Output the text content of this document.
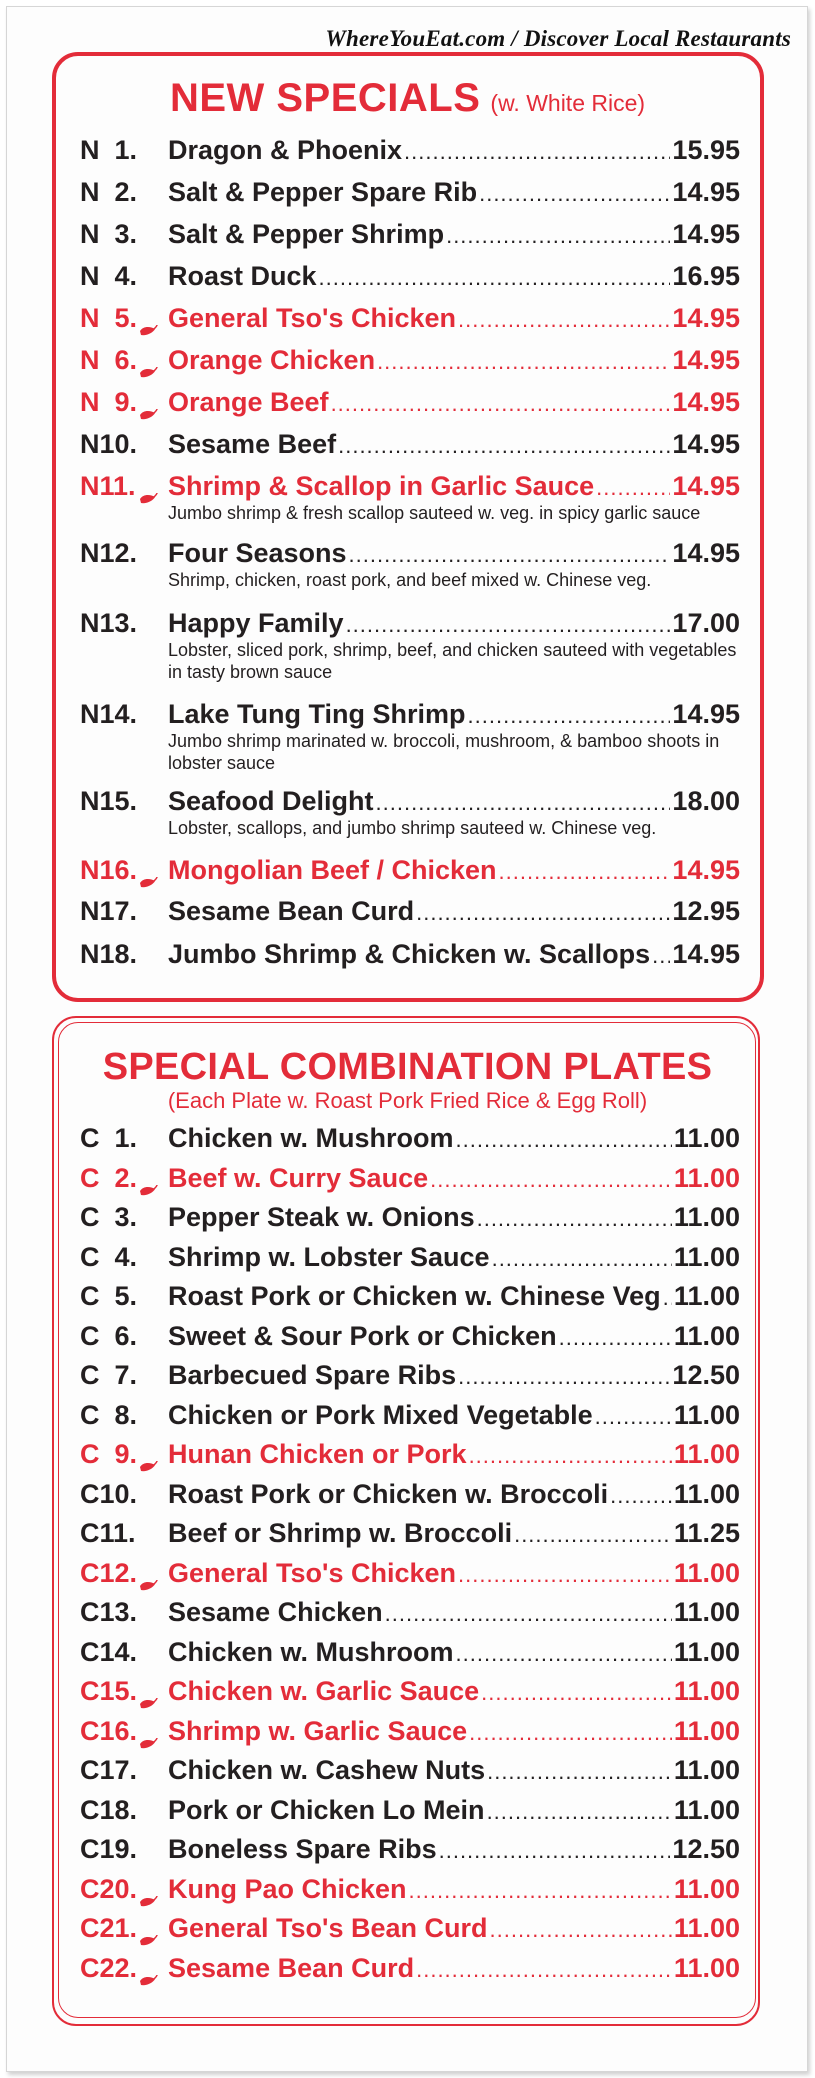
WhereYouEat.com / Discover Local Restaurants
NEW SPECIALS (w. White Rice)
N  1. Dragon & Phoenix .....	15.95
N  2. Salt & Pepper Spare Rib .....	14.95
N  3. Salt & Pepper Shrimp .....	14.95
N  4. Roast Duck .....	16.95
N  5. General Tso's Chicken .....	14.95
N  6. Orange Chicken .....	14.95
N  9. Orange Beef .....	14.95
N10. Sesame Beef .....	14.95
N11. Shrimp & Scallop in Garlic Sauce .....	14.95
Jumbo shrimp & fresh scallop sauteed w. veg. in spicy garlic sauce
N12. Four Seasons .....	14.95
Shrimp, chicken, roast pork, and beef mixed w. Chinese veg.
N13. Happy Family .....	17.00
Lobster, sliced pork, shrimp, beef, and chicken sauteed with vegetables in tasty brown sauce
N14. Lake Tung Ting Shrimp .....	14.95
Jumbo shrimp marinated w. broccoli, mushroom, & bamboo shoots in lobster sauce
N15. Seafood Delight .....	18.00
Lobster, scallops, and jumbo shrimp sauteed w. Chinese veg.
N16. Mongolian Beef / Chicken .....	14.95
N17. Sesame Bean Curd .....	12.95
N18. Jumbo Shrimp & Chicken w. Scallops ..... 14.95
SPECIAL COMBINATION PLATES
(Each Plate w. Roast Pork Fried Rice & Egg Roll)
C  1. Chicken w. Mushroom .....	11.00
C  2. Beef w. Curry Sauce .....	11.00
C  3. Pepper Steak w. Onions .....	11.00
C  4. Shrimp w. Lobster Sauce .....	11.00
C  5. Roast Pork or Chicken w. Chinese Veg ..... 11.00
C  6. Sweet & Sour Pork or Chicken .....	11.00
C  7. Barbecued Spare Ribs .....	12.50
C  8. Chicken or Pork Mixed Vegetable .....	11.00
C  9. Hunan Chicken or Pork .....	11.00
C10. Roast Pork or Chicken w. Broccoli ..... 11.00
C11. Beef or Shrimp w. Broccoli .....	11.25
C12. General Tso's Chicken .....	11.00
C13. Sesame Chicken .....	11.00
C14. Chicken w. Mushroom .....	11.00
C15. Chicken w. Garlic Sauce .....	11.00
C16. Shrimp w. Garlic Sauce .....	11.00
C17. Chicken w. Cashew Nuts .....	11.00
C18. Pork or Chicken Lo Mein .....	11.00
C19. Boneless Spare Ribs .....	12.50
C20. Kung Pao Chicken .....	11.00
C21. General Tso's Bean Curd .....	11.00
C22. Sesame Bean Curd .....	11.00
